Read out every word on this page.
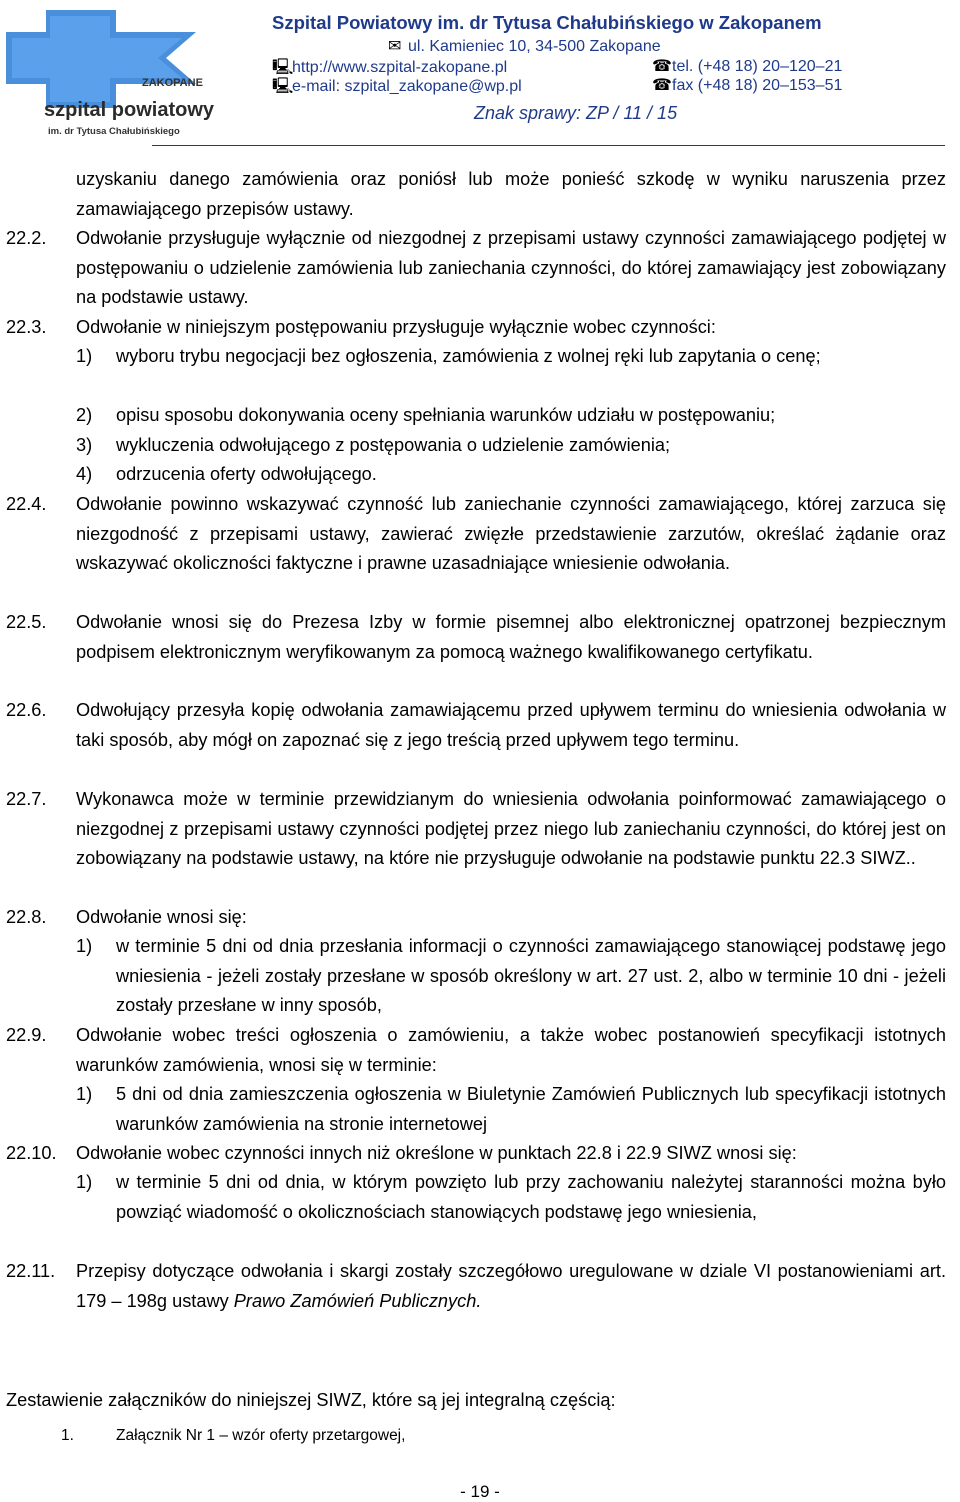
ZAKOPANE
szpital powiatowy
im. dr Tytusa Chałubińskiego
Szpital Powiatowy im. dr Tytusa Chałubińskiego w Zakopanem
✉ ul. Kamieniec 10, 34-500 Zakopane
🖳http://www.szpital-zakopane.pl
🖳e-mail: szpital_zakopane@wp.pl
☎tel. (+48 18) 20–120–21
☎fax (+48 18) 20–153–51
Znak sprawy: ZP / 11 / 15
uzyskaniu danego zamówienia oraz poniósł lub może ponieść szkodę w wyniku naruszenia przez zamawiającego przepisów ustawy.
22.2. Odwołanie przysługuje wyłącznie od niezgodnej z przepisami ustawy czynności zamawiającego podjętej w postępowaniu o udzielenie zamówienia lub zaniechania czynności, do której zamawiający jest zobowiązany na podstawie ustawy.
22.3. Odwołanie w niniejszym postępowaniu przysługuje wyłącznie wobec czynności:
1) wyboru trybu negocjacji bez ogłoszenia, zamówienia z wolnej ręki lub zapytania o cenę;
2) opisu sposobu dokonywania oceny spełniania warunków udziału w postępowaniu;
3) wykluczenia odwołującego z postępowania o udzielenie zamówienia;
4) odrzucenia oferty odwołującego.
22.4. Odwołanie powinno wskazywać czynność lub zaniechanie czynności zamawiającego, której zarzuca się niezgodność z przepisami ustawy, zawierać zwięzłe przedstawienie zarzutów, określać żądanie oraz wskazywać okoliczności faktyczne i prawne uzasadniające wniesienie odwołania.
22.5. Odwołanie wnosi się do Prezesa Izby w formie pisemnej albo elektronicznej opatrzonej bezpiecznym podpisem elektronicznym weryfikowanym za pomocą ważnego kwalifikowanego certyfikatu.
22.6. Odwołujący przesyła kopię odwołania zamawiającemu przed upływem terminu do wniesienia odwołania w taki sposób, aby mógł on zapoznać się z jego treścią przed upływem tego terminu.
22.7. Wykonawca może w terminie przewidzianym do wniesienia odwołania poinformować zamawiającego o niezgodnej z przepisami ustawy czynności podjętej przez niego lub zaniechaniu czynności, do której jest on zobowiązany na podstawie ustawy, na które nie przysługuje odwołanie na podstawie punktu 22.3 SIWZ..
22.8. Odwołanie wnosi się:
1) w terminie 5 dni od dnia przesłania informacji o czynności zamawiającego stanowiącej podstawę jego wniesienia - jeżeli zostały przesłane w sposób określony w art. 27 ust. 2, albo w terminie 10 dni - jeżeli zostały przesłane w inny sposób,
22.9. Odwołanie wobec treści ogłoszenia o zamówieniu, a także wobec postanowień specyfikacji istotnych warunków zamówienia, wnosi się w terminie:
1) 5 dni od dnia zamieszczenia ogłoszenia w Biuletynie Zamówień Publicznych lub specyfikacji istotnych warunków zamówienia na stronie internetowej
22.10. Odwołanie wobec czynności innych niż określone w punktach 22.8 i 22.9 SIWZ wnosi się:
1) w terminie 5 dni od dnia, w którym powzięto lub przy zachowaniu należytej staranności można było powziąć wiadomość o okolicznościach stanowiących podstawę jego wniesienia,
22.11. Przepisy dotyczące odwołania i skargi zostały szczegółowo uregulowane w dziale VI postanowieniami art. 179 – 198g ustawy Prawo Zamówień Publicznych.
Zestawienie załączników do niniejszej SIWZ, które są jej integralną częścią:
1.	Załącznik Nr 1 – wzór oferty przetargowej,
- 19 -
